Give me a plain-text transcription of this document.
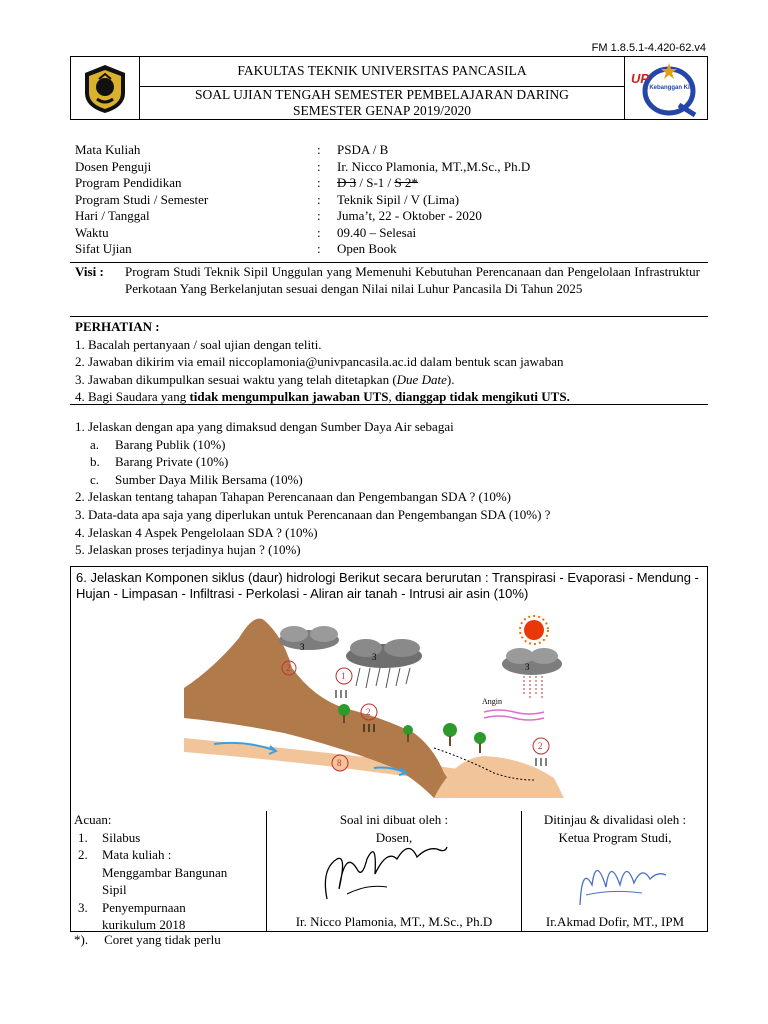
FM 1.8.5.1-4.420-62.v4
FAKULTAS TEKNIK UNIVERSITAS PANCASILA
SOAL UJIAN TENGAH SEMESTER PEMBELAJARAN DARING
SEMESTER GENAP 2019/2020
UP
Kebanggan Kita
Mata Kuliah	: PSDA / B
Dosen Penguji	: Ir. Nicco Plamonia, MT.,M.Sc., Ph.D
Program Pendidikan	: D 3 / S-1 / S 2*
Program Studi / Semester	: Teknik Sipil / V (Lima)
Hari / Tanggal	: Juma’t, 22 - Oktober - 2020
Waktu	: 09.40 – Selesai
Sifat Ujian	: Open Book
Visi : Program Studi Teknik Sipil Unggulan yang Memenuhi Kebutuhan Perencanaan dan Pengelolaan Infrastruktur Perkotaan Yang Berkelanjutan sesuai dengan Nilai nilai Luhur Pancasila Di Tahun 2025
PERHATIAN :
1. Bacalah pertanyaan / soal ujian dengan teliti.
2. Jawaban dikirim via email niccoplamonia@univpancasila.ac.id dalam bentuk scan jawaban
3. Jawaban dikumpulkan sesuai waktu yang telah ditetapkan (Due Date).
4. Bagi Saudara yang tidak mengumpulkan jawaban UTS, dianggap tidak mengikuti UTS.
1. Jelaskan dengan apa yang dimaksud dengan Sumber Daya Air sebagai
a. Barang Publik (10%)
b. Barang Private (10%)
c. Sumber Daya Milik Bersama (10%)
2. Jelaskan tentang tahapan Tahapan Perencanaan dan Pengembangan SDA ? (10%)
3. Data-data apa saja yang diperlukan untuk Perencanaan dan Pengembangan SDA (10%) ?
4. Jelaskan 4 Aspek Pengelolaan SDA ? (10%)
5. Jelaskan proses terjadinya hujan ? (10%)
6. Jelaskan Komponen siklus (daur) hidrologi Berikut secara berurutan : Transpirasi - Evaporasi - Mendung - Hujan - Limpasan - Infiltrasi - Perkolasi - Aliran air tanah - Intrusi air asin (10%)
3
3
3
Angin
2
1
2
2
8
Acuan:
1. Silabus
2. Mata kuliah :
Menggambar Bangunan
Sipil
3. Penyempurnaan
kurikulum 2018
Soal ini dibuat oleh :
Dosen,
Ir. Nicco Plamonia, MT., M.Sc., Ph.D
Ditinjau & divalidasi oleh :
Ketua Program Studi,
Ir.Akmad Dofir, MT., IPM
*). Coret yang tidak perlu
